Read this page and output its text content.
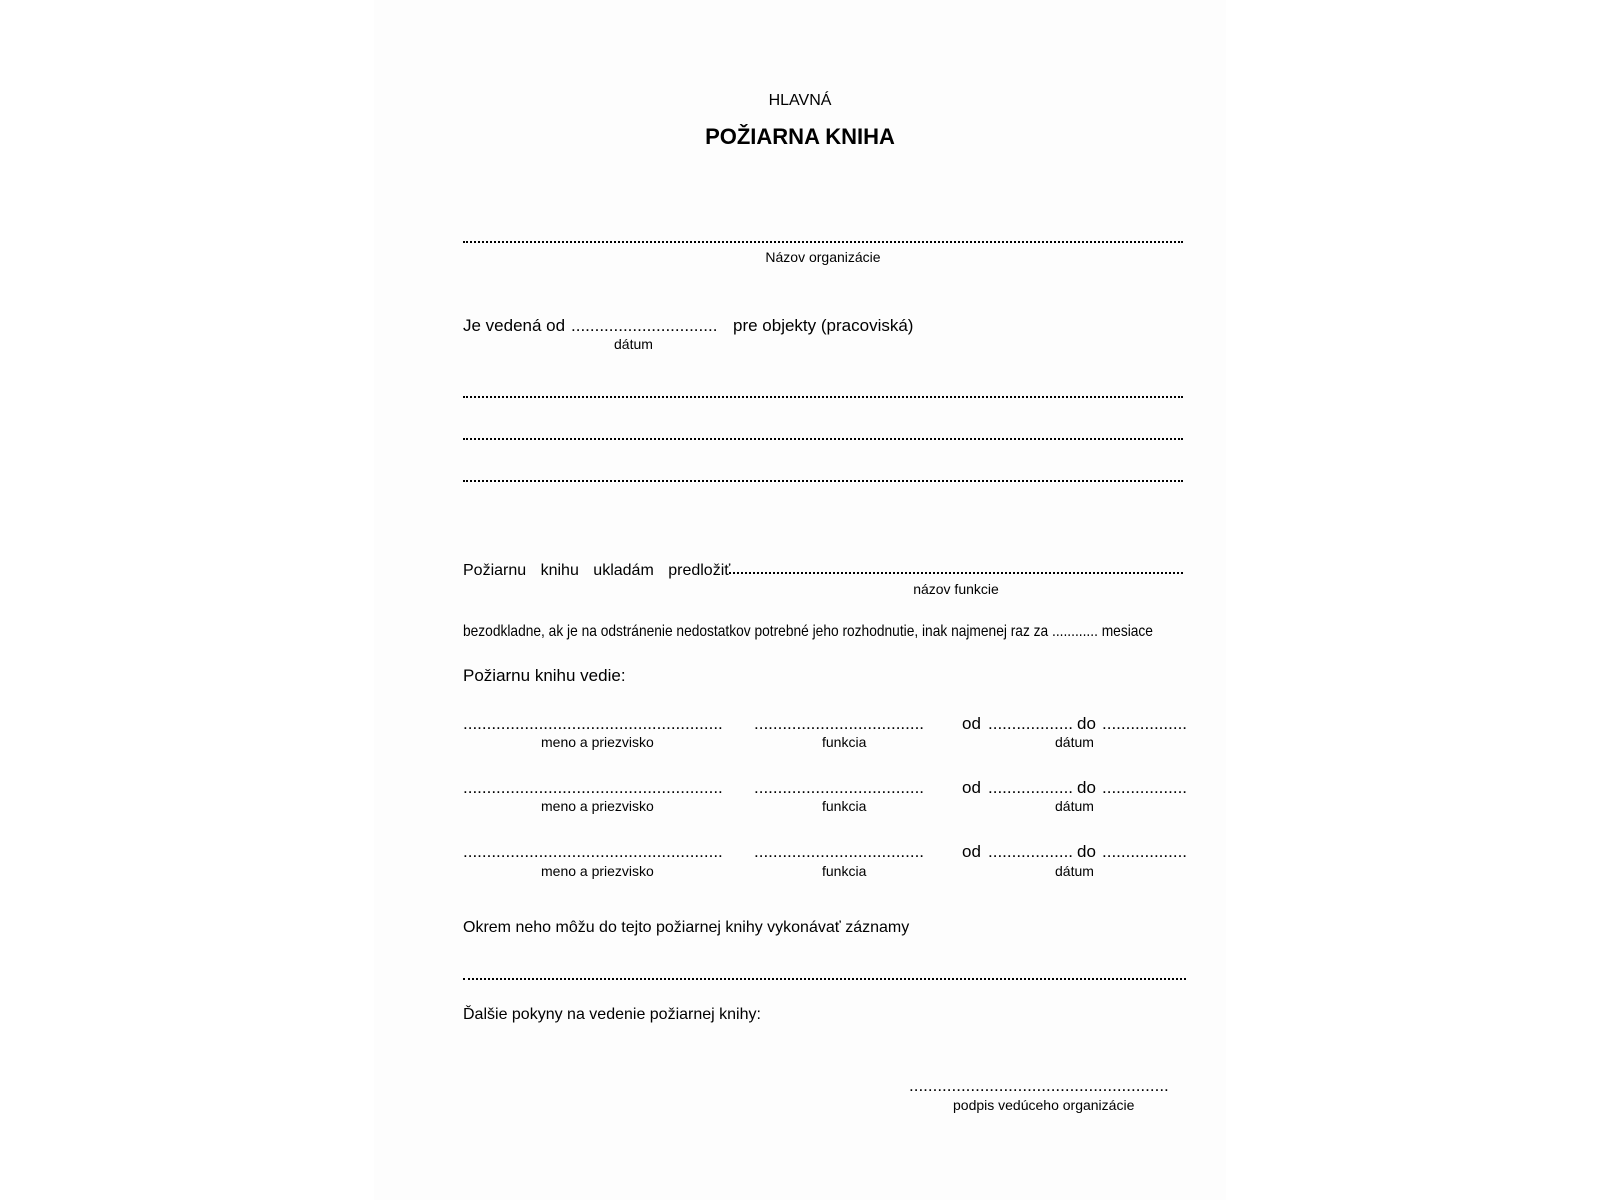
HLAVNÁ
POŽIARNA KNIHA
Názov organizácie
Je vedená od ............................... pre objekty (pracoviská)
dátum
Požiarnu knihu ukladám predložiť
názov funkcie
bezodkladne, ak je na odstránenie nedostatkov potrebné jeho rozhodnutie, inak najmenej raz za ............ mesiace
Požiarnu knihu vedie:
.......................................................
meno a priezvisko
....................................
funkcia
od .................. do ..................
dátum
.......................................................
meno a priezvisko
....................................
funkcia
od .................. do ..................
dátum
.......................................................
meno a priezvisko
....................................
funkcia
od .................. do ..................
dátum
Okrem neho môžu do tejto požiarnej knihy vykonávať záznamy
Ďalšie pokyny na vedenie požiarnej knihy:
.......................................................
podpis vedúceho organizácie
